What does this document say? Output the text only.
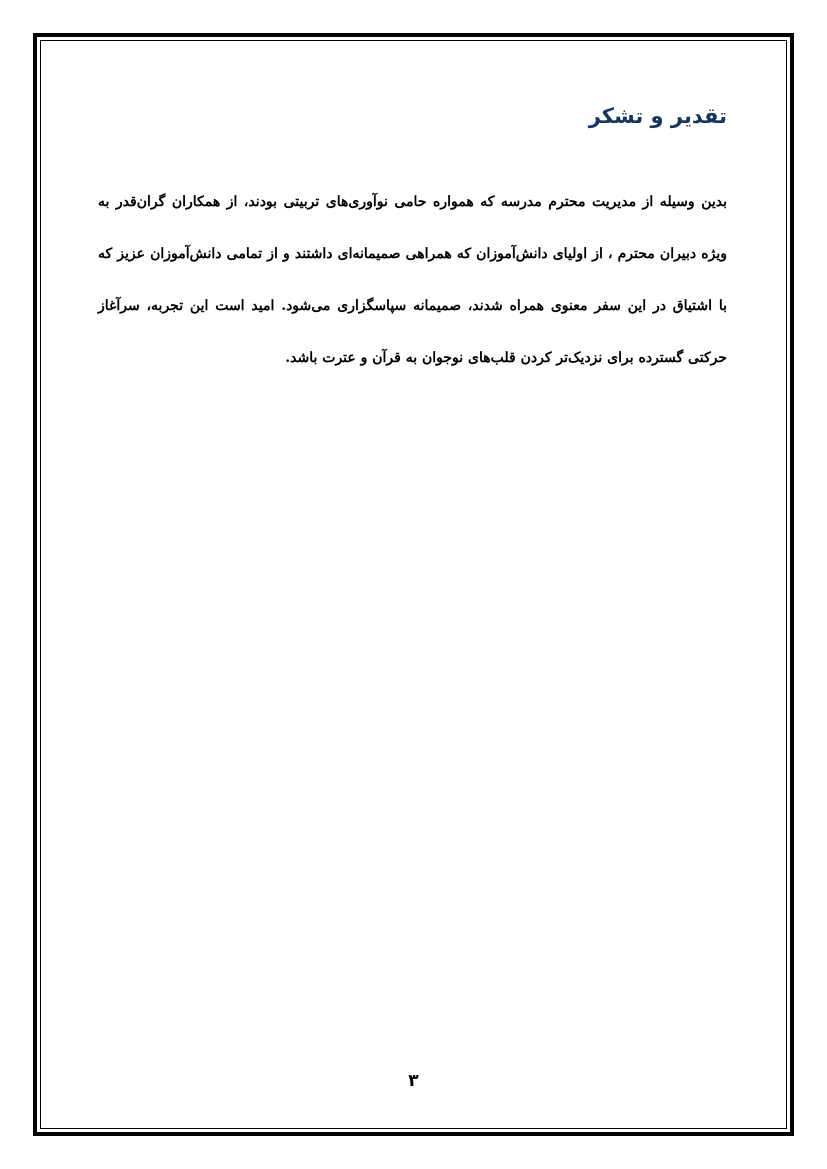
تقدیر و تشکر

بدین وسیله از مدیریت محترم مدرسه که همواره حامی نوآوری‌های تربیتی بودند، از همکاران گران‌قدر به ویژه دبیران محترم ، از اولیای دانش‌آموزان که همراهی صمیمانه‌ای داشتند و از تمامی دانش‌آموزان عزیز که با اشتیاق در این سفر معنوی همراه شدند، صمیمانه سپاسگزاری می‌شود. امید است این تجربه، سرآغاز حرکتی گسترده برای نزدیک‌تر کردن قلب‌های نوجوان به قرآن و عترت باشد.

۳
